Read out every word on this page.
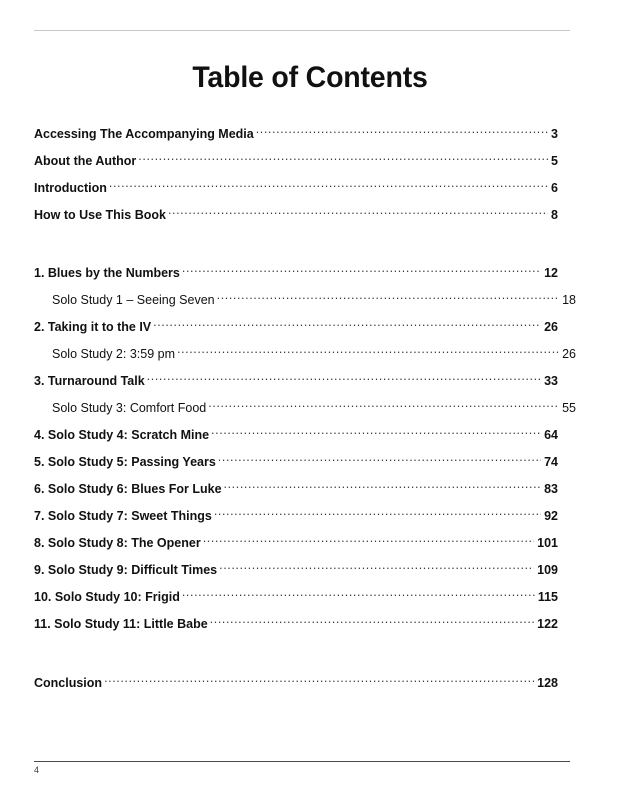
Table of Contents
Accessing The Accompanying Media .....	3
About the Author .....	5
Introduction .....	6
How to Use This Book .....	8
1. Blues by the Numbers .....	12
Solo Study 1 – Seeing Seven .....	18
2. Taking it to the IV .....	26
Solo Study 2: 3:59 pm .....	26
3. Turnaround Talk .....	33
Solo Study 3: Comfort Food .....	55
4. Solo Study 4: Scratch Mine .....	64
5. Solo Study 5: Passing Years .....	74
6. Solo Study 6: Blues For Luke .....	83
7. Solo Study 7: Sweet Things .....	92
8. Solo Study 8: The Opener .....	101
9. Solo Study 9: Difficult Times .....	109
10. Solo Study 10: Frigid .....	115
11. Solo Study 11: Little Babe .....	122
Conclusion .....	128
4
